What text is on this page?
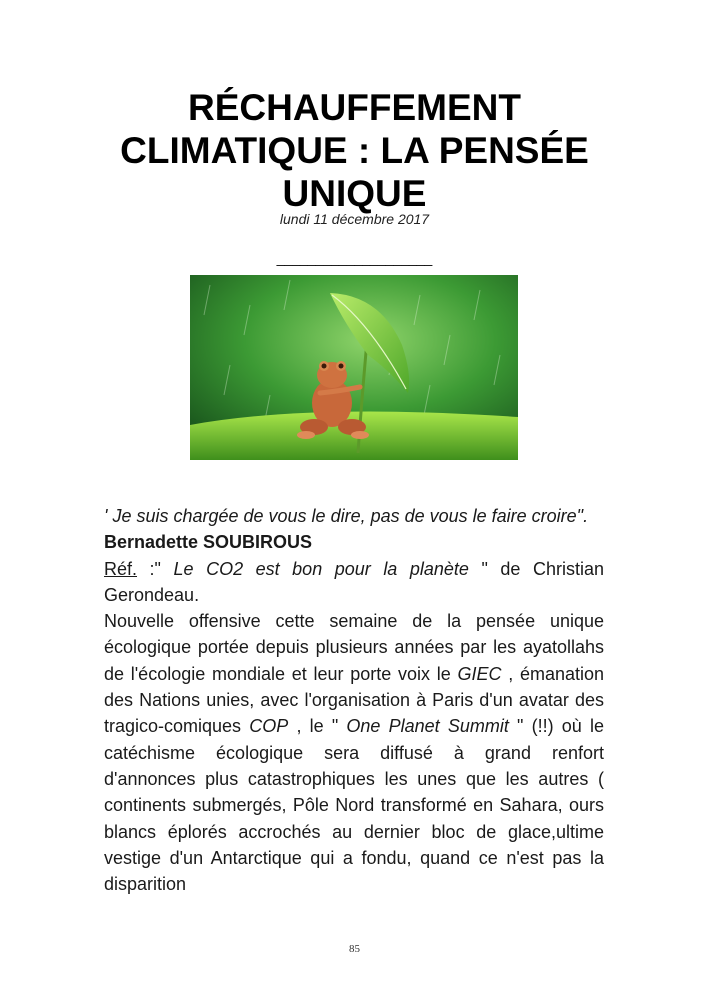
RÉCHAUFFEMENT CLIMATIQUE : LA PENSÉE UNIQUE
lundi 11 décembre 2017
____________________

' Je suis chargée de vous le dire, pas de vous le faire croire".

Bernadette SOUBIROUS

Réf. :" Le CO2 est bon pour la planète " de Christian Gerondeau.

Nouvelle offensive cette semaine de la pensée unique écologique portée depuis plusieurs années par les ayatollahs de l'écologie mondiale et leur porte voix le GIEC , émanation des Nations unies, avec l'organisation à Paris d'un avatar des tragico-comiques COP , le " One Planet Summit " (!!) où le catéchisme écologique sera diffusé à grand renfort d'annonces plus catastrophiques les unes que les autres ( continents submergés, Pôle Nord transformé en Sahara, ours blancs éplorés accrochés au dernier bloc de glace,ultime vestige d'un Antarctique qui a fondu, quand ce n'est pas la disparition

85
